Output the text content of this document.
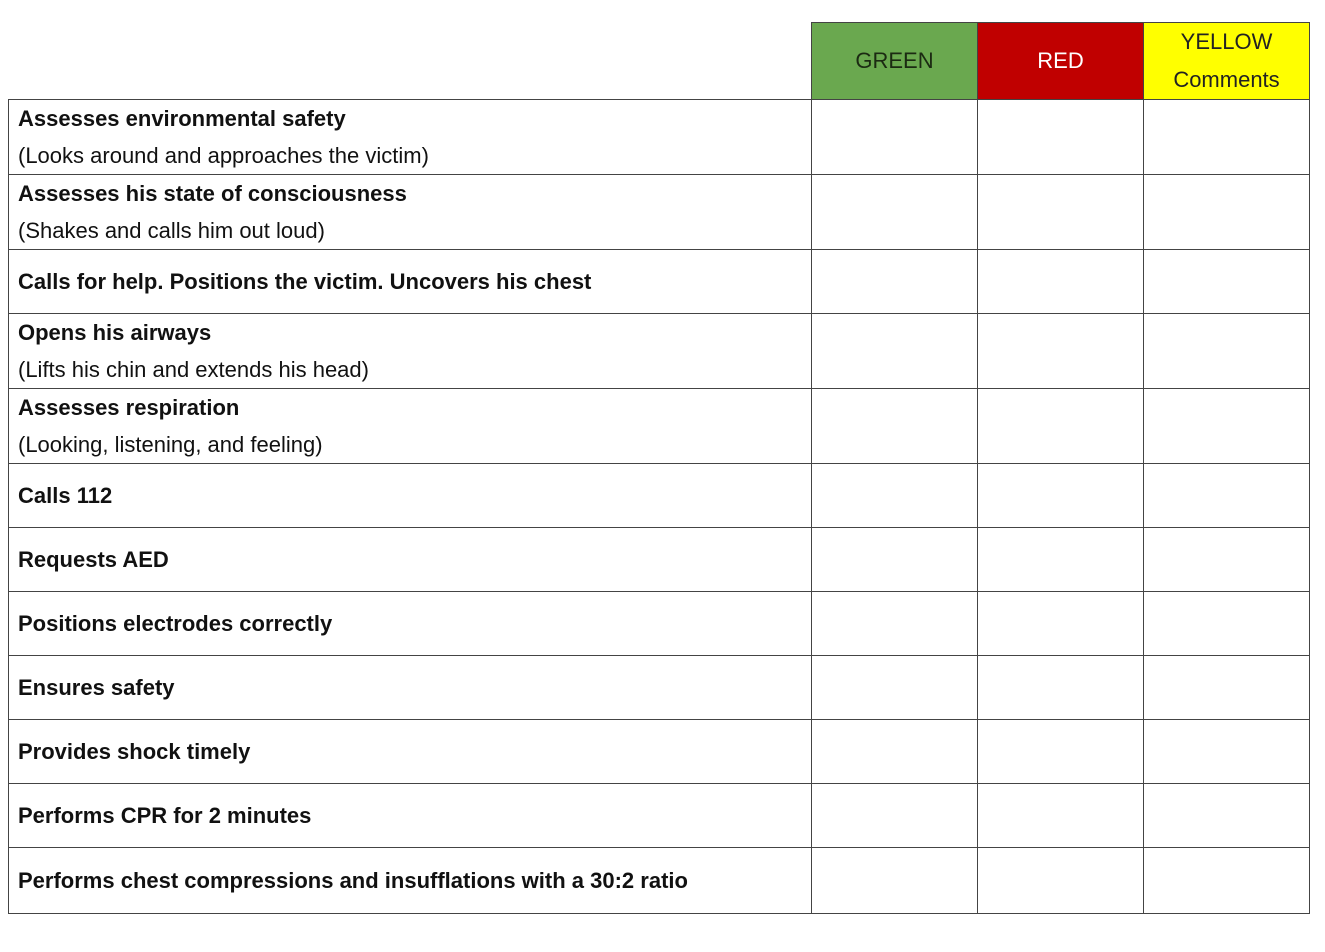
	GREEN	RED	YELLOW
Comments

Assesses environmental safety
(Looks around and approaches the victim)			

Assesses his state of consciousness
(Shakes and calls him out loud)			

Calls for help. Positions the victim. Uncovers his chest			

Opens his airways
(Lifts his chin and extends his head)			

Assesses respiration
(Looking, listening, and feeling)			

Calls 112			

Requests AED			

Positions electrodes correctly			

Ensures safety			

Provides shock timely			

Performs CPR for 2 minutes			

Performs chest compressions and insufflations with a 30:2 ratio			
